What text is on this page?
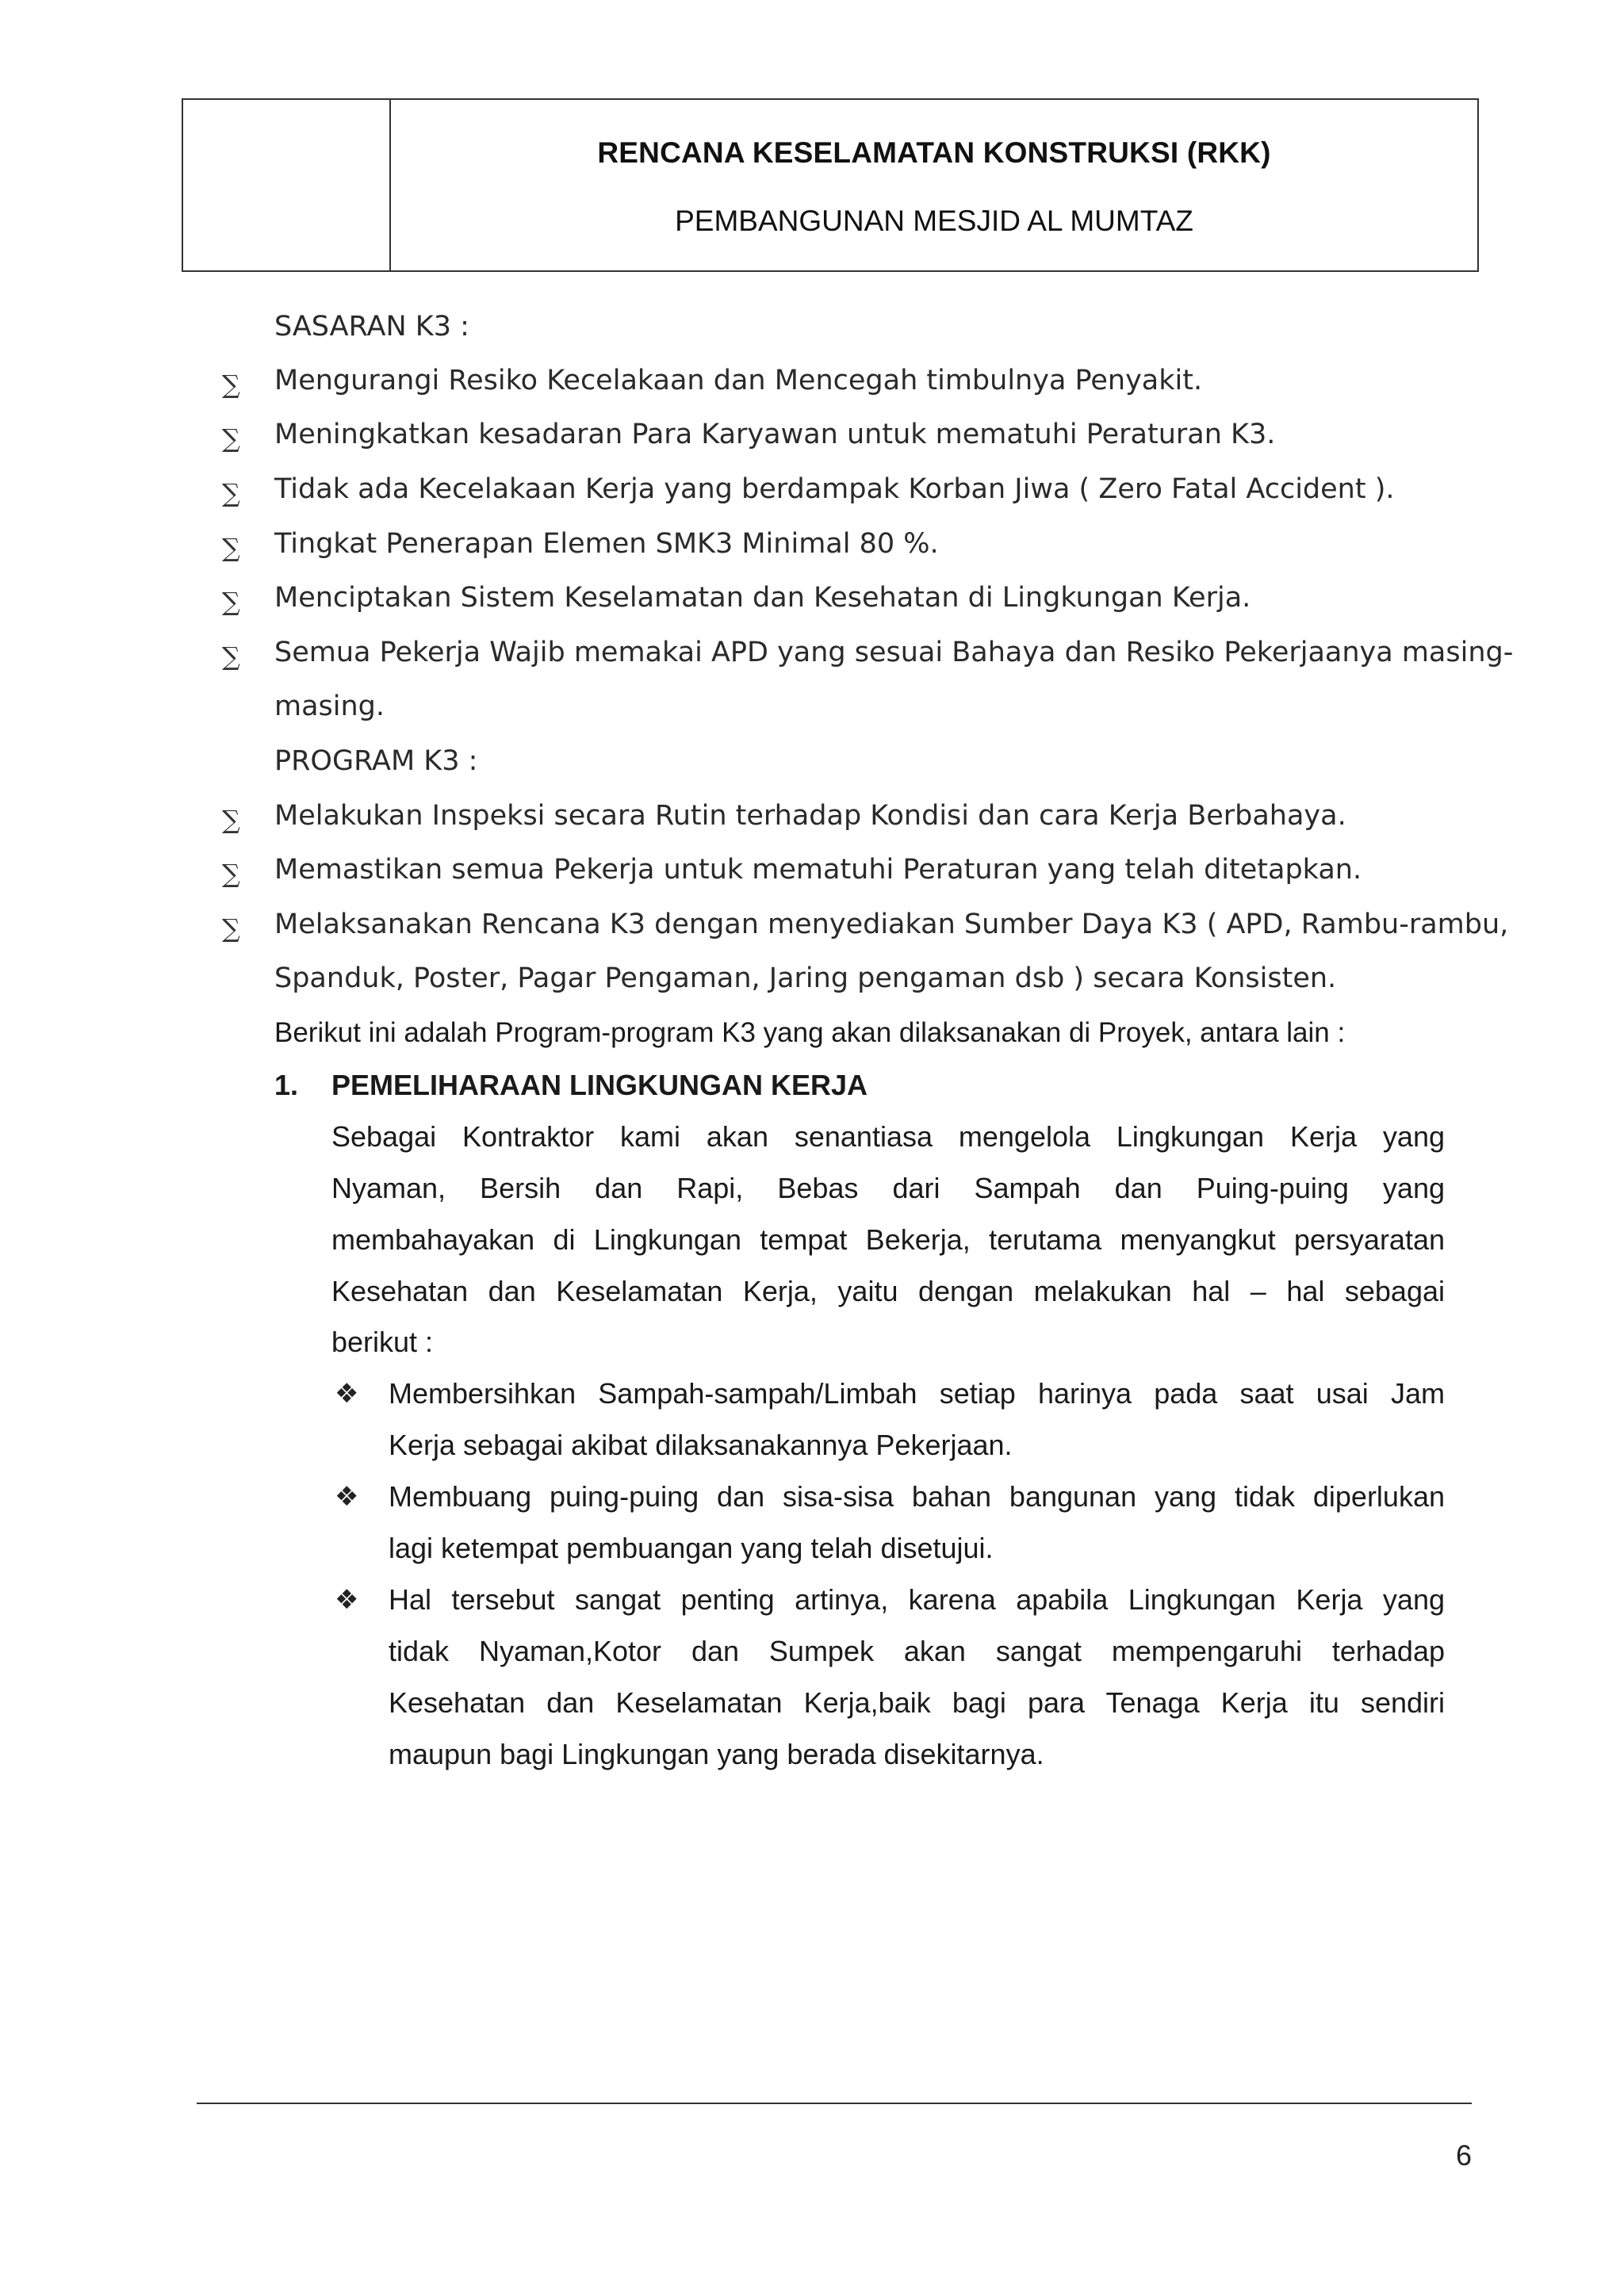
RENCANA KESELAMATAN KONSTRUKSI (RKK)
PEMBANGUNAN MESJID AL MUMTAZ
SASARAN K3 :
∑ Mengurangi Resiko Kecelakaan dan Mencegah timbulnya Penyakit.
∑ Meningkatkan kesadaran Para Karyawan untuk mematuhi Peraturan K3.
∑ Tidak ada Kecelakaan Kerja yang berdampak Korban Jiwa ( Zero Fatal Accident ).
∑ Tingkat Penerapan Elemen SMK3 Minimal 80 %.
∑ Menciptakan Sistem Keselamatan dan Kesehatan di Lingkungan Kerja.
∑ Semua Pekerja Wajib memakai APD yang sesuai Bahaya dan Resiko Pekerjaanya masing-
masing.
PROGRAM K3 :
∑ Melakukan Inspeksi secara Rutin terhadap Kondisi dan cara Kerja Berbahaya.
∑ Memastikan semua Pekerja untuk mematuhi Peraturan yang telah ditetapkan.
∑ Melaksanakan Rencana K3 dengan menyediakan Sumber Daya K3 ( APD, Rambu-rambu,
Spanduk, Poster, Pagar Pengaman, Jaring pengaman dsb ) secara Konsisten.
Berikut ini adalah Program-program K3 yang akan dilaksanakan di Proyek, antara lain :
1. PEMELIHARAAN LINGKUNGAN KERJA
Sebagai Kontraktor kami akan senantiasa mengelola Lingkungan Kerja yang
Nyaman, Bersih dan Rapi, Bebas dari Sampah dan Puing-puing yang
membahayakan di Lingkungan tempat Bekerja, terutama menyangkut persyaratan
Kesehatan dan Keselamatan Kerja, yaitu dengan melakukan hal – hal sebagai
berikut :
❖ Membersihkan Sampah-sampah/Limbah setiap harinya pada saat usai Jam
Kerja sebagai akibat dilaksanakannya Pekerjaan.
❖ Membuang puing-puing dan sisa-sisa bahan bangunan yang tidak diperlukan
lagi ketempat pembuangan yang telah disetujui.
❖ Hal tersebut sangat penting artinya, karena apabila Lingkungan Kerja yang
tidak Nyaman,Kotor dan Sumpek akan sangat mempengaruhi terhadap
Kesehatan dan Keselamatan Kerja,baik bagi para Tenaga Kerja itu sendiri
maupun bagi Lingkungan yang berada disekitarnya.
6
